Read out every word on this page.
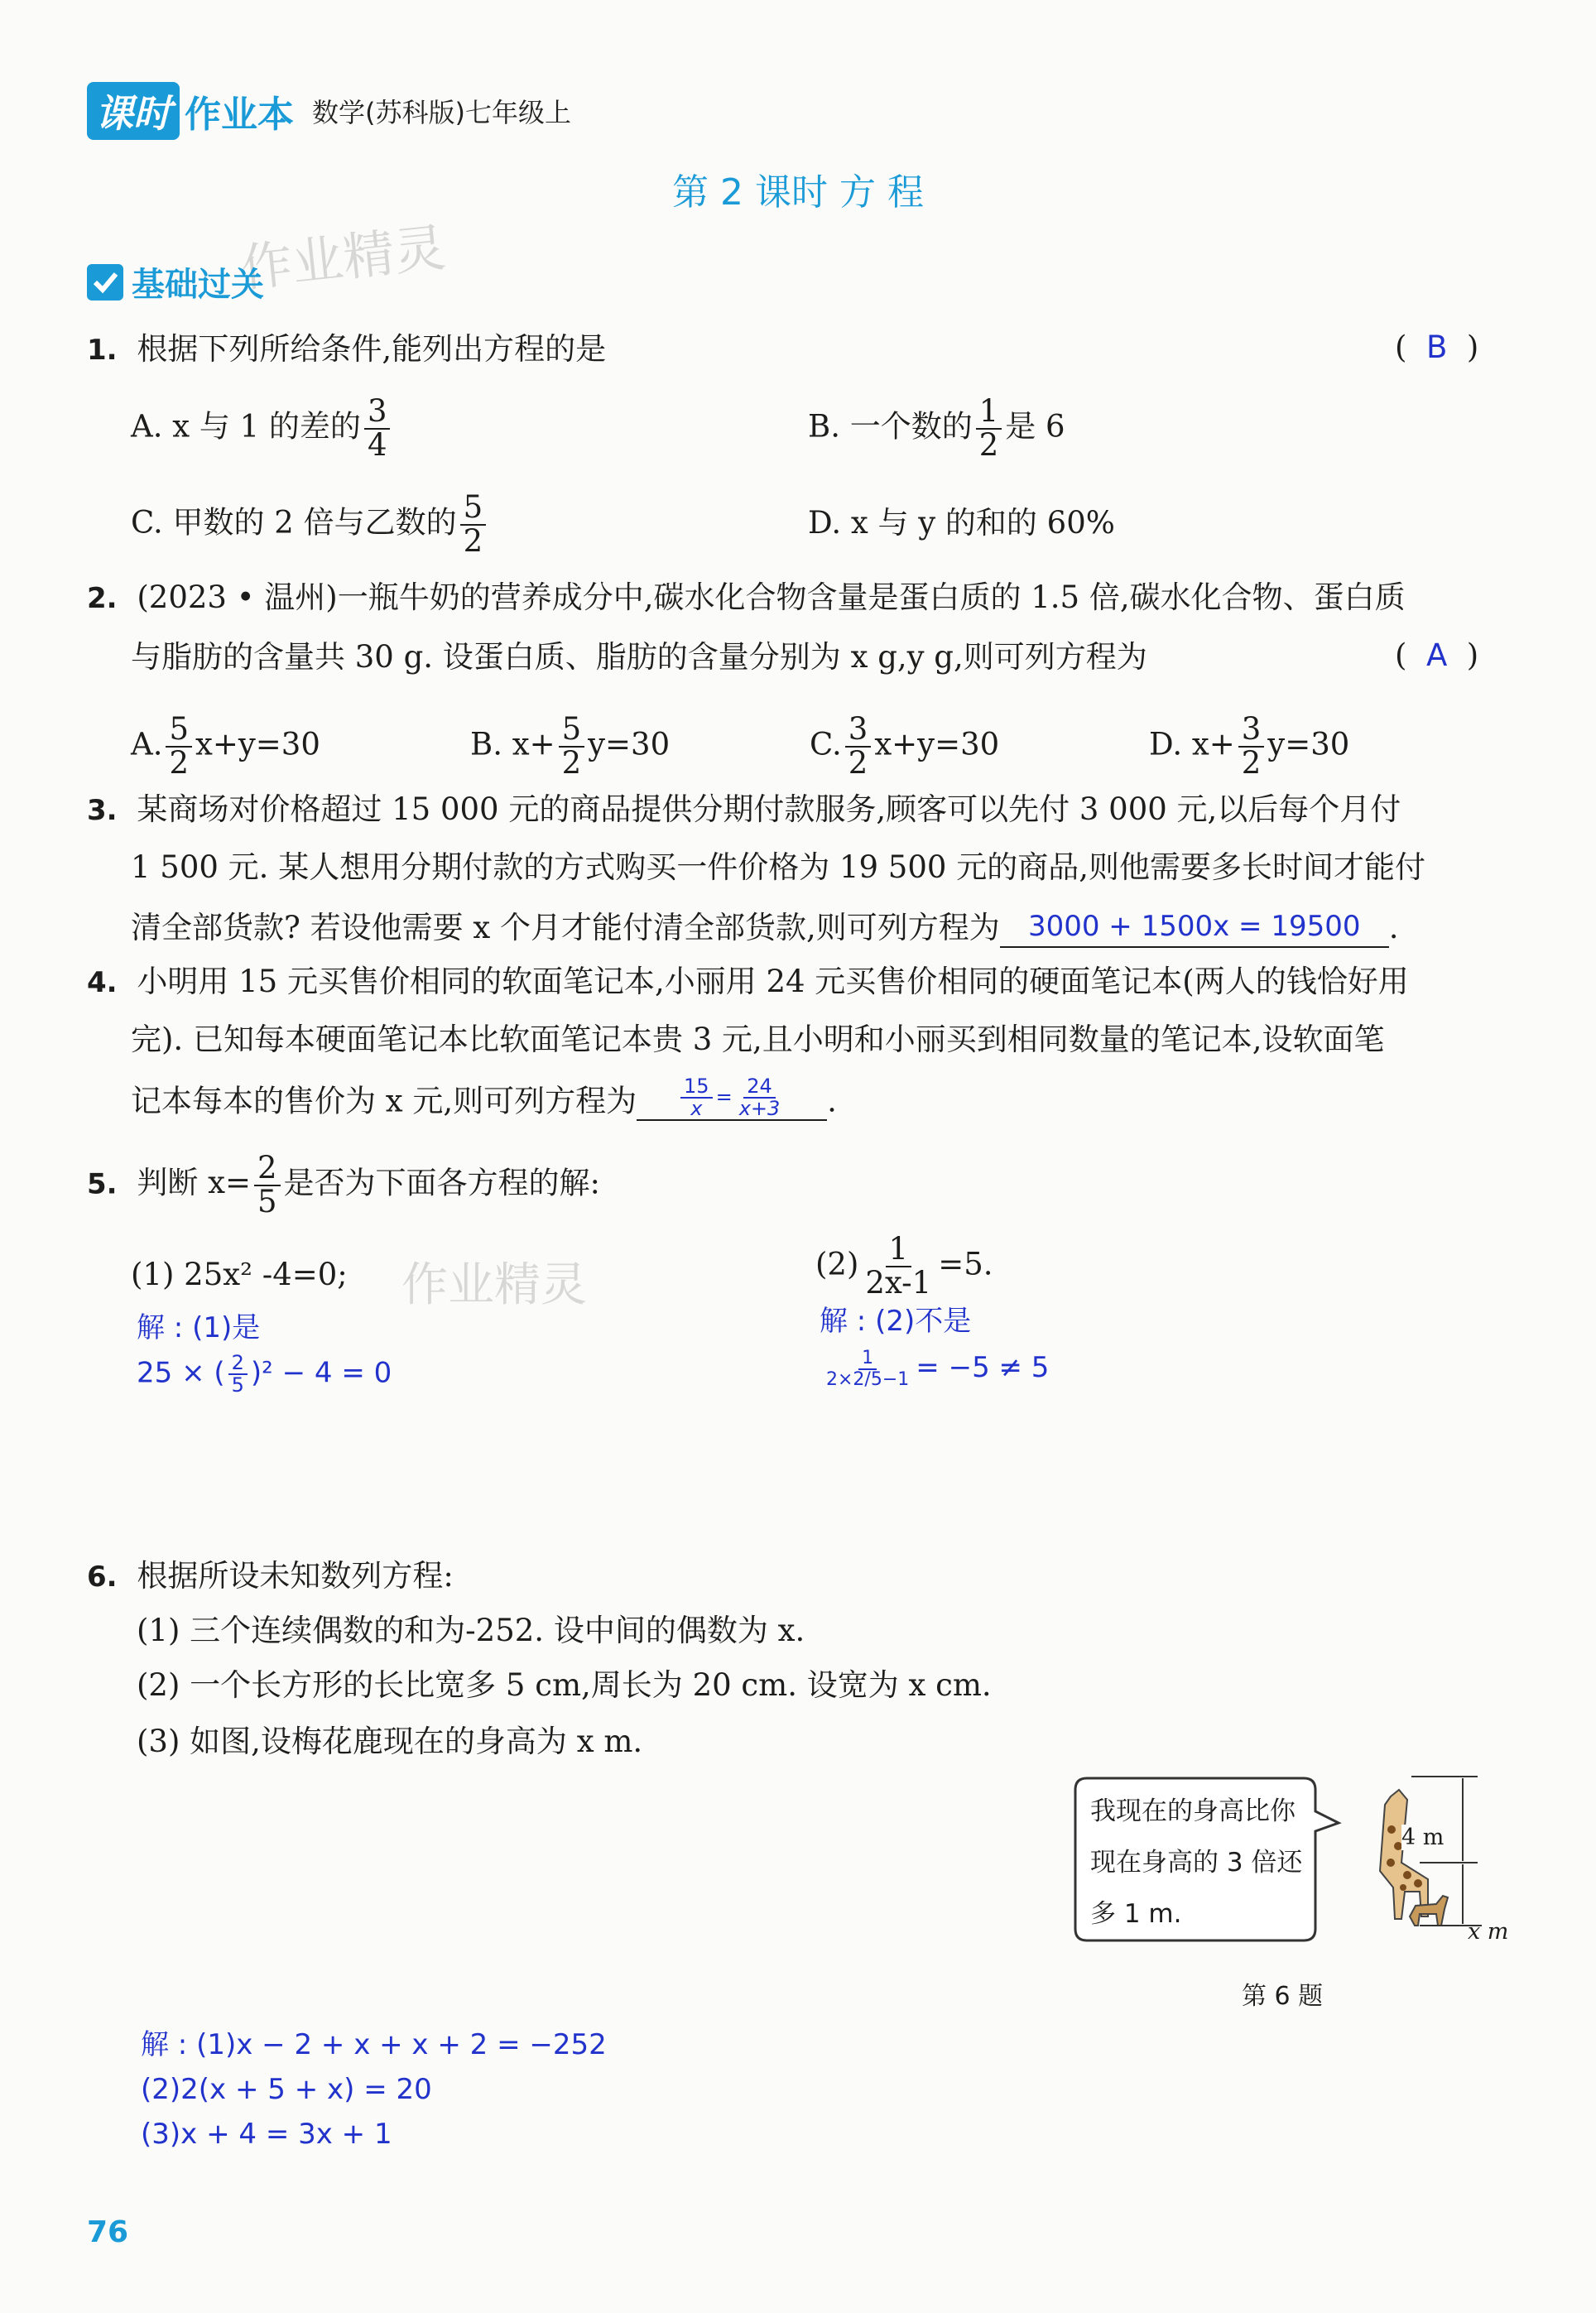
课时 作业本 数学(苏科版)七年级上
第 2 课时 方 程
作业精灵
基础过关
1. 根据下列所给条件,能列出方程的是	(  B  )
A. x 与 1 的差的 $\frac{3}{4}$	B. 一个数的 $\frac{1}{2}$ 是 6
C. 甲数的 2 倍与乙数的 $\frac{5}{2}$	D. x 与 y 的和的 60%
2. (2023 • 温州)一瓶牛奶的营养成分中,碳水化合物含量是蛋白质的 1.5 倍,碳水化合物、蛋白质
与脂肪的含量共 30 g. 设蛋白质、脂肪的含量分别为 x g,y g,则可列方程为	(  A  )
A. $\frac{5}{2} x+y=30$	B. $x+ \frac{5}{2} y=30$	C. $\frac{3}{2} x+y=30$	D. $x+ \frac{3}{2} y=30$
3. 某商场对价格超过 15 000 元的商品提供分期付款服务,顾客可以先付 3 000 元,以后每个月付
1 500 元. 某人想用分期付款的方式购买一件价格为 19 500 元的商品,则他需要多长时间才能付
清全部货款? 若设他需要 x 个月才能付清全部货款,则可列方程为 3000 + 1500x = 19500 .
4. 小明用 15 元买售价相同的软面笔记本,小丽用 24 元买售价相同的硬面笔记本(两人的钱恰好用
完). 已知每本硬面笔记本比软面笔记本贵 3 元,且小明和小丽买到相同数量的笔记本,设软面笔
记本每本的售价为 x 元,则可列方程为 $\frac{15}{x} = \frac{24}{x+3}$ .
5. 判断 $x= \frac{2}{5}$ 是否为下面各方程的解:
(1) 25x² -4=0; 作业精灵	$(2) \frac{1}{2x-1} =5$.
解 : (1)是
25 × ( $\frac{2}{5} )^2 - 4 = 0$
解 : (2)不是
$\frac{1}{2\times 2/5-1} = -5 \ne 5$
6. 根据所设未知数列方程:
(1) 三个连续偶数的和为-252. 设中间的偶数为 x.
(2) 一个长方形的长比宽多 5 cm,周长为 20 cm. 设宽为 x cm.
(3) 如图,设梅花鹿现在的身高为 x m.
我现在的身高比你
现在身高的 3 倍还
多 1 m.
4 m
x m
第 6 题
解 : (1)x − 2 + x + x + 2 = −252
(2)2(x + 5 + x) = 20
(3)x + 4 = 3x + 1
76
